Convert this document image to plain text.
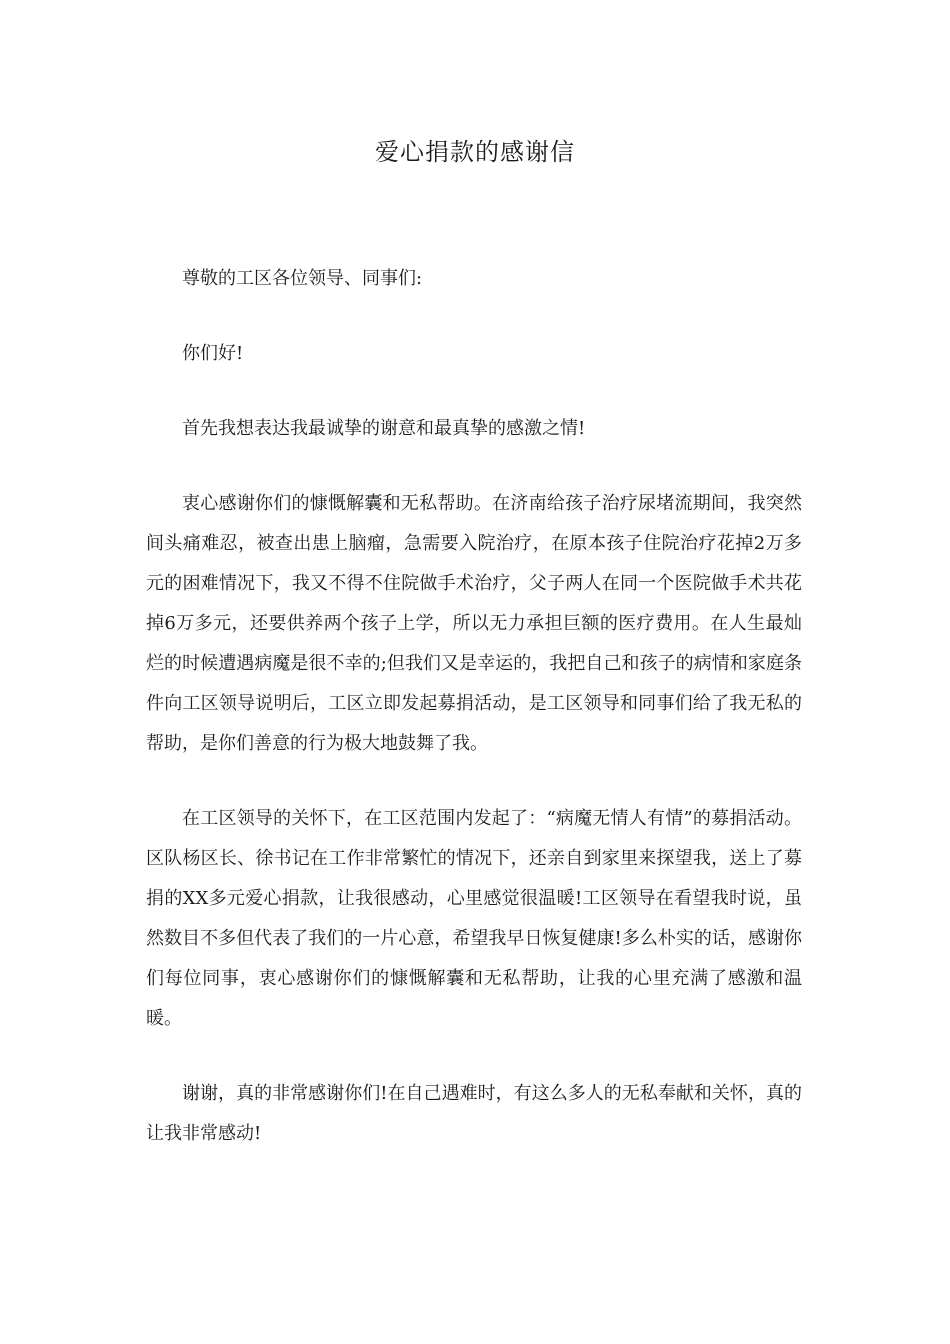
爱心捐款的感谢信

尊敬的工区各位领导、同事们:

你们好!

首先我想表达我最诚挚的谢意和最真挚的感激之情!

衷心感谢你们的慷慨解囊和无私帮助。在济南给孩子治疗尿堵流期间，我突然间头痛难忍，被查出患上脑瘤，急需要入院治疗，在原本孩子住院治疗花掉2万多元的困难情况下，我又不得不住院做手术治疗，父子两人在同一个医院做手术共花掉6万多元，还要供养两个孩子上学，所以无力承担巨额的医疗费用。在人生最灿烂的时候遭遇病魔是很不幸的;但我们又是幸运的，我把自己和孩子的病情和家庭条件向工区领导说明后，工区立即发起募捐活动，是工区领导和同事们给了我无私的帮助，是你们善意的行为极大地鼓舞了我。

在工区领导的关怀下，在工区范围内发起了：“病魔无情人有情”的募捐活动。区队杨区长、徐书记在工作非常繁忙的情况下，还亲自到家里来探望我，送上了募捐的XX多元爱心捐款，让我很感动，心里感觉很温暖!工区领导在看望我时说，虽然数目不多但代表了我们的一片心意，希望我早日恢复健康!多么朴实的话，感谢你们每位同事，衷心感谢你们的慷慨解囊和无私帮助，让我的心里充满了感激和温暖。

谢谢，真的非常感谢你们!在自己遇难时，有这么多人的无私奉献和关怀，真的让我非常感动!
